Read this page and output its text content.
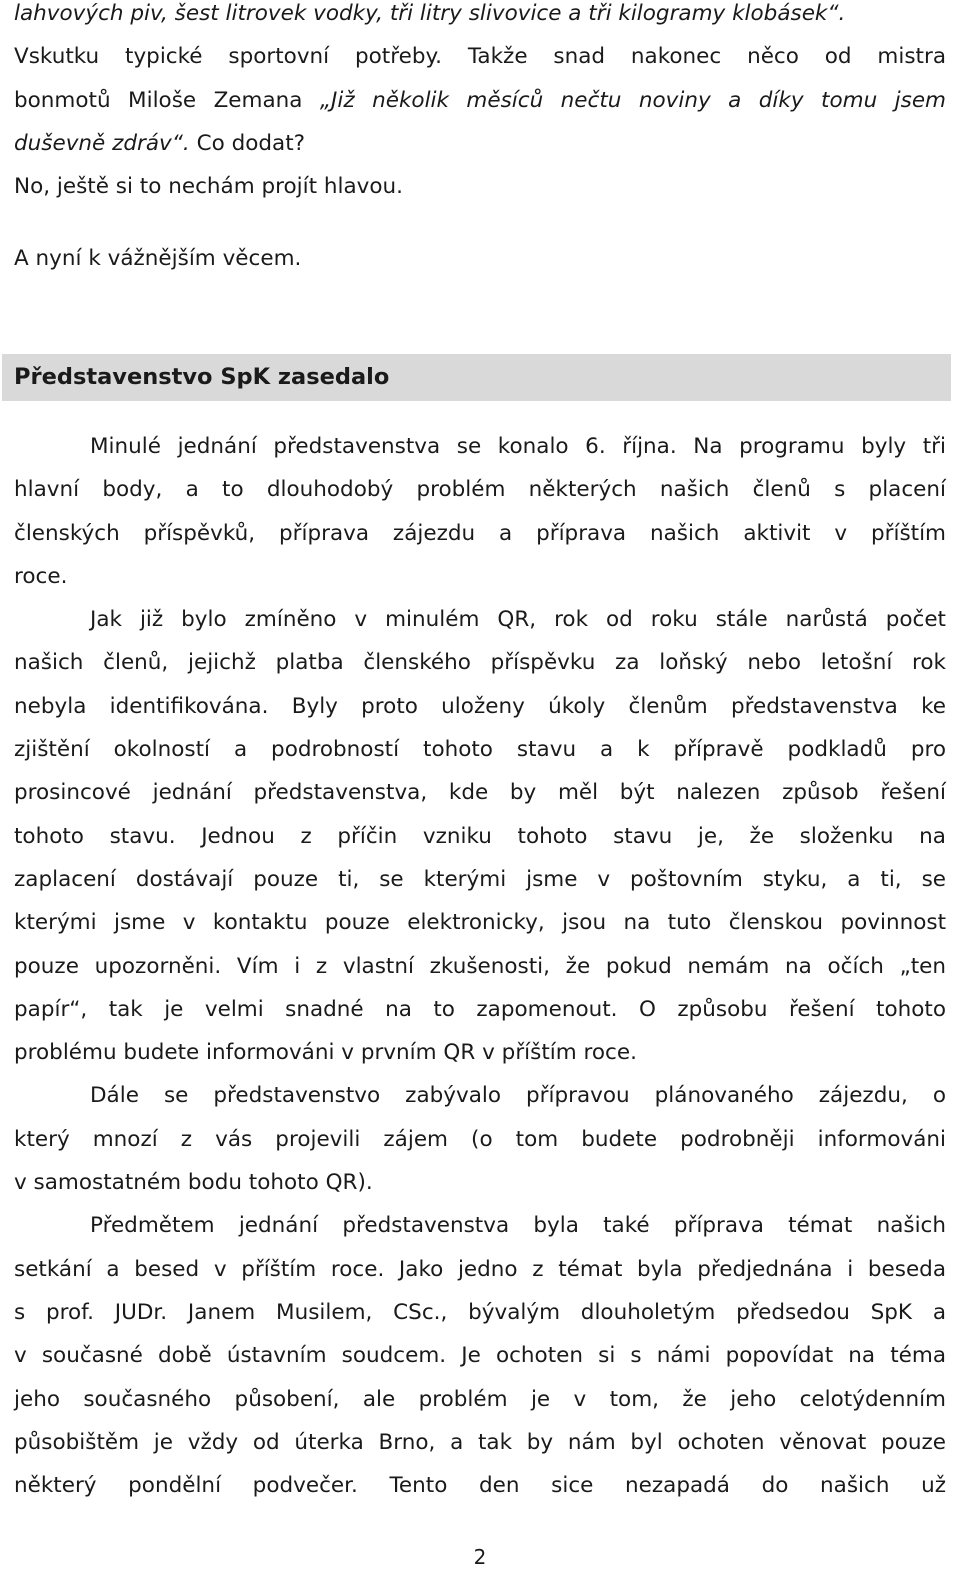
lahvových piv, šest litrovek vodky, tři litry slivovice a tři kilogramy klobásek“.
Vskutku typické sportovní potřeby. Takže snad nakonec něco od mistra
bonmotů Miloše Zemana „Již několik měsíců nečtu noviny a díky tomu jsem
duševně zdráv“. Co dodat?
No, ještě si to nechám projít hlavou.
A nyní k vážnějším věcem.
Představenstvo SpK zasedalo
Minulé jednání představenstva se konalo 6. října. Na programu byly tři
hlavní body, a to dlouhodobý problém některých našich členů s placení
členských příspěvků, příprava zájezdu a příprava našich aktivit v příštím
roce.
Jak již bylo zmíněno v minulém QR, rok od roku stále narůstá počet
našich členů, jejichž platba členského příspěvku za loňský nebo letošní rok
nebyla identifikována. Byly proto uloženy úkoly členům představenstva ke
zjištění okolností a podrobností tohoto stavu a k přípravě podkladů pro
prosincové jednání představenstva, kde by měl být nalezen způsob řešení
tohoto stavu. Jednou z příčin vzniku tohoto stavu je, že složenku na
zaplacení dostávají pouze ti, se kterými jsme v poštovním styku, a ti, se
kterými jsme v kontaktu pouze elektronicky, jsou na tuto členskou povinnost
pouze upozorněni. Vím i z vlastní zkušenosti, že pokud nemám na očích „ten
papír“, tak je velmi snadné na to zapomenout. O způsobu řešení tohoto
problému budete informováni v prvním QR v příštím roce.
Dále se představenstvo zabývalo přípravou plánovaného zájezdu, o
který mnozí z vás projevili zájem (o tom budete podrobněji informováni
v samostatném bodu tohoto QR).
Předmětem jednání představenstva byla také příprava témat našich
setkání a besed v příštím roce. Jako jedno z témat byla předjednána i beseda
s prof. JUDr. Janem Musilem, CSc., bývalým dlouholetým předsedou SpK a
v současné době ústavním soudcem. Je ochoten si s námi popovídat na téma
jeho současného působení, ale problém je v tom, že jeho celotýdenním
působištěm je vždy od úterka Brno, a tak by nám byl ochoten věnovat pouze
některý pondělní podvečer. Tento den sice nezapadá do našich už
2
